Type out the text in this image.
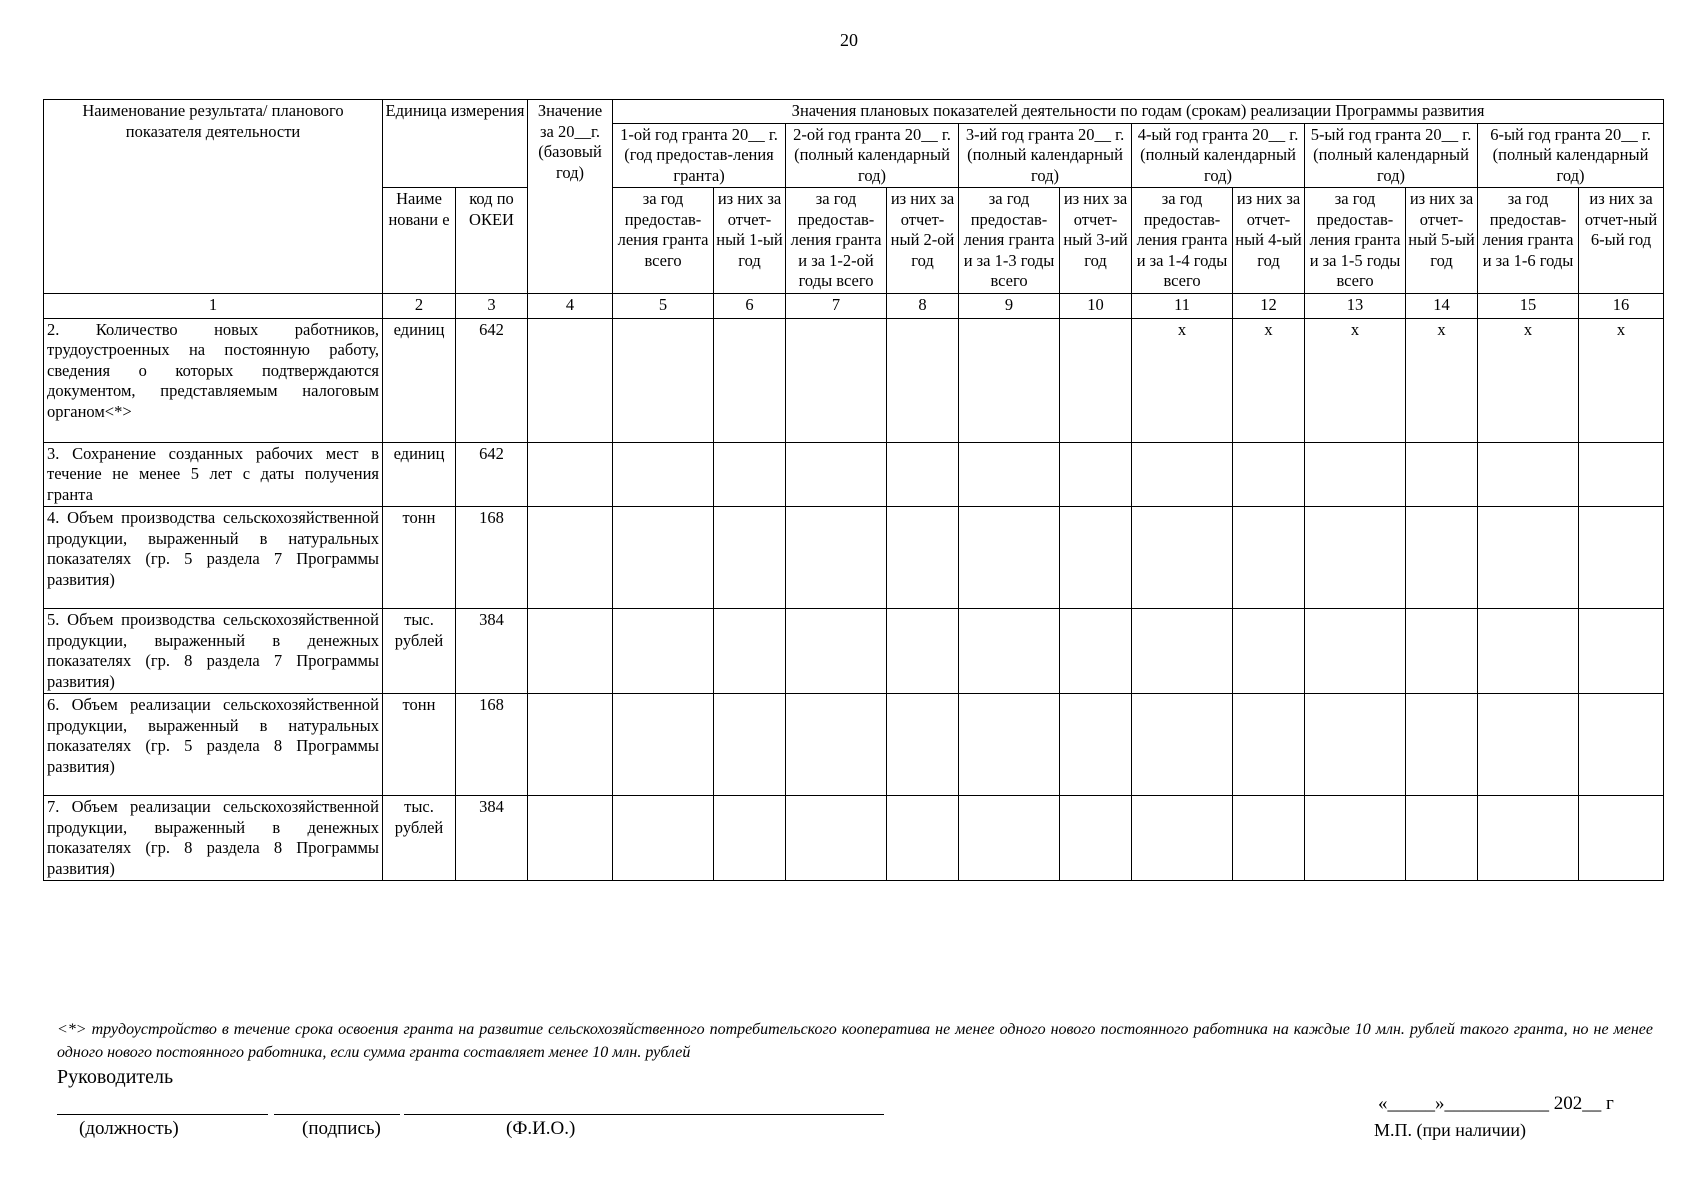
20
Наименование результата/ планового показателя деятельности	Единица измерения		Значение за 20__г. (базовый год)	Значения плановых показателей деятельности по годам (срокам) реализации Программы развития											
				1-ой год гранта 20__ г. (год предостав-ления гранта)		2-ой год гранта 20__ г. (полный календарный год)		3-ий год гранта 20__ г. (полный календарный год)		4-ый год гранта 20__ г. (полный календарный год)		5-ый год гранта 20__ г. (полный календарный год)		6-ый год гранта 20__ г. (полный календарный год)	
	Наиме новани е	код по ОКЕИ		за год предостав-ления гранта всего	из них за отчет-ный 1-ый год	за год предостав-ления гранта и за 1-2-ой годы всего	из них за отчет-ный 2-ой год	за год предостав-ления гранта и за 1-3 годы всего	из них за отчет-ный 3-ий год	за год предостав-ления гранта и за 1-4 годы всего	из них за отчет-ный 4-ый год	за год предостав-ления гранта и за 1-5 годы всего	из них за отчет-ный 5-ый год	за год предостав-ления гранта и за 1-6 годы	из них за отчет-ный 6-ый год
1	2	3	4	5	6	7	8	9	10	11	12	13	14	15	16
2. Количество новых работников, трудоустроенных на постоянную работу, сведения о которых подтверждаются документом, представляемым налоговым органом<*>	единиц	642								х	х	х	х	х	х
3. Сохранение созданных рабочих мест в течение не менее 5 лет с даты получения гранта	единиц	642													
4. Объем производства сельскохозяйственной продукции, выраженный в натуральных показателях (гр. 5 раздела 7 Программы развития)	тонн	168													
5. Объем производства сельскохозяйственной продукции, выраженный в денежных показателях (гр. 8 раздела 7 Программы развития)	тыс. рублей	384													
6. Объем реализации сельскохозяйственной продукции, выраженный в натуральных показателях (гр. 5 раздела 8 Программы развития)	тонн	168													
7. Объем реализации сельскохозяйственной продукции, выраженный в денежных показателях (гр. 8 раздела 8 Программы развития)	тыс. рублей	384													
<*> трудоустройство в течение срока освоения гранта на развитие сельскохозяйственного потребительского кооператива не менее одного нового постоянного работника на каждые 10 млн. рублей такого гранта, но не менее одного нового постоянного работника, если сумма гранта составляет менее 10 млн. рублей
Руководитель
(должность)	(подпись)	(Ф.И.О.)
«_____»___________ 202__ г
М.П. (при наличии)
